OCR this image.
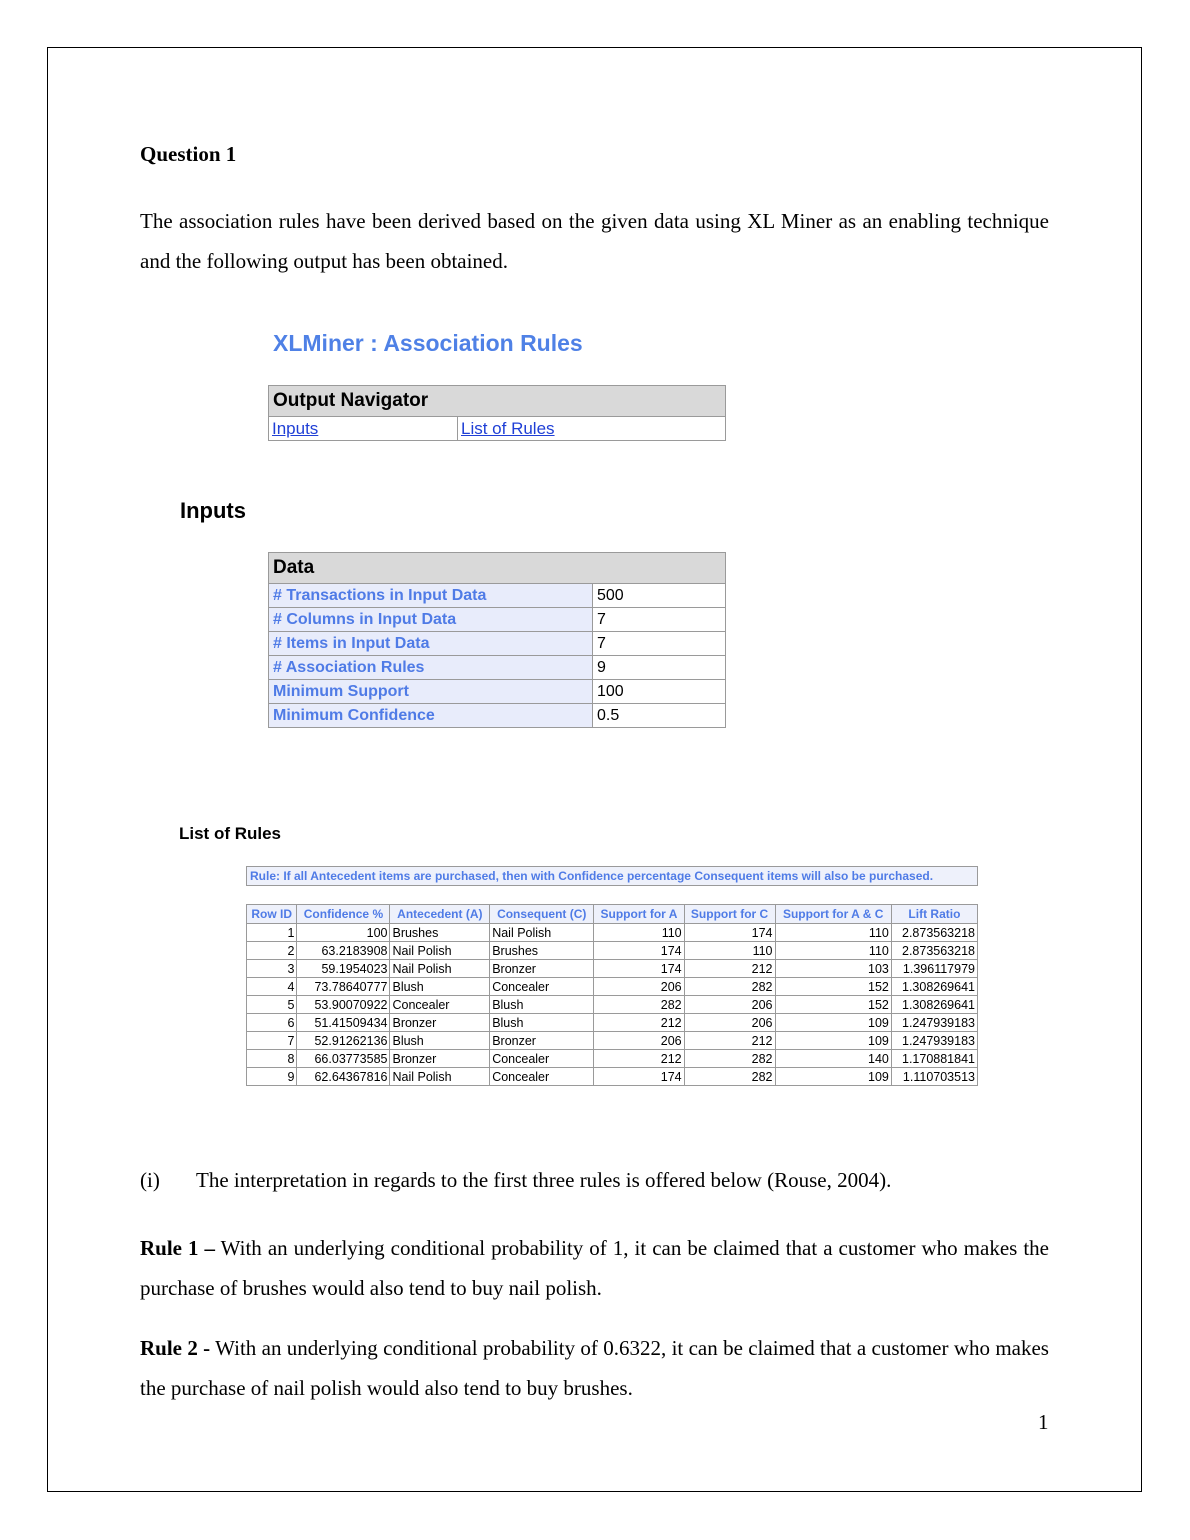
Question 1
The association rules have been derived based on the given data using XL Miner as an enabling technique and the following output has been obtained.
XLMiner : Association Rules
Output Navigator
Inputs	List of Rules
Inputs
Data	
# Transactions in Input Data	500
# Columns in Input Data	7
# Items in Input Data	7
# Association Rules	9
Minimum Support	100
Minimum Confidence	0.5
List of Rules
Rule: If all Antecedent items are purchased, then with Confidence percentage Consequent items will also be purchased.
Row ID	Confidence %	Antecedent (A)	Consequent (C)	Support for A	Support for C	Support for A & C	Lift Ratio
1	100	Brushes	Nail Polish	110	174	110	2.873563218
2	63.2183908	Nail Polish	Brushes	174	110	110	2.873563218
3	59.1954023	Nail Polish	Bronzer	174	212	103	1.396117979
4	73.78640777	Blush	Concealer	206	282	152	1.308269641
5	53.90070922	Concealer	Blush	282	206	152	1.308269641
6	51.41509434	Bronzer	Blush	212	206	109	1.247939183
7	52.91262136	Blush	Bronzer	206	212	109	1.247939183
8	66.03773585	Bronzer	Concealer	212	282	140	1.170881841
9	62.64367816	Nail Polish	Concealer	174	282	109	1.110703513
(i) The interpretation in regards to the first three rules is offered below (Rouse, 2004).
Rule 1 – With an underlying conditional probability of 1, it can be claimed that a customer who makes the purchase of brushes would also tend to buy nail polish.
Rule 2 - With an underlying conditional probability of 0.6322, it can be claimed that a customer who makes the purchase of nail polish would also tend to buy brushes.
1
